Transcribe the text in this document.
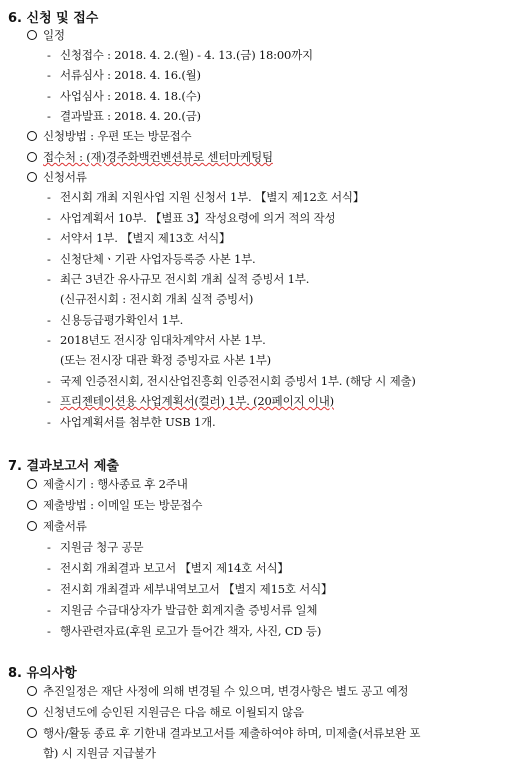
6. 신청 및 접수
일정
- 신청접수 : 2018. 4. 2.(월) - 4. 13.(금) 18:00까지
- 서류심사 : 2018. 4. 16.(월)
- 사업심사 : 2018. 4. 18.(수)
- 결과발표 : 2018. 4. 20.(금)
신청방법 : 우편 또는 방문접수
접수처 : (재)경주화백컨벤션뷰로 센터마케팅팀
신청서류
- 전시회 개최 지원사업 지원 신청서 1부. 【별지 제12호 서식】
- 사업계획서 10부. 【별표 3】작성요령에 의거 적의 작성
- 서약서 1부. 【별지 제13호 서식】
- 신청단체ㆍ기관 사업자등록증 사본 1부.
- 최근 3년간 유사규모 전시회 개최 실적 증빙서 1부.
(신규전시회 : 전시회 개최 실적 증빙서)
- 신용등급평가확인서 1부.
- 2018년도 전시장 임대차계약서 사본 1부.
(또는 전시장 대관 확정 증빙자료 사본 1부)
- 국제 인증전시회, 전시산업진흥회 인증전시회 증빙서 1부. (해당 시 제출)
- 프리젠테이션용 사업계획서(컬러) 1부. (20페이지 이내)
- 사업계획서를 첨부한 USB 1개.
7. 결과보고서 제출
제출시기 : 행사종료 후 2주내
제출방법 : 이메일 또는 방문접수
제출서류
- 지원금 청구 공문
- 전시회 개최결과 보고서 【별지 제14호 서식】
- 전시회 개최결과 세부내역보고서 【별지 제15호 서식】
- 지원금 수급대상자가 발급한 회계지출 증빙서류 일체
- 행사관련자료(후원 로고가 들어간 책자, 사진, CD 등)
8. 유의사항
추진일정은 재단 사정에 의해 변경될 수 있으며, 변경사항은 별도 공고 예정
신청년도에 승인된 지원금은 다음 해로 이월되지 않음
행사/활동 종료 후 기한내 결과보고서를 제출하여야 하며, 미제출(서류보완 포
함) 시 지원금 지급불가
